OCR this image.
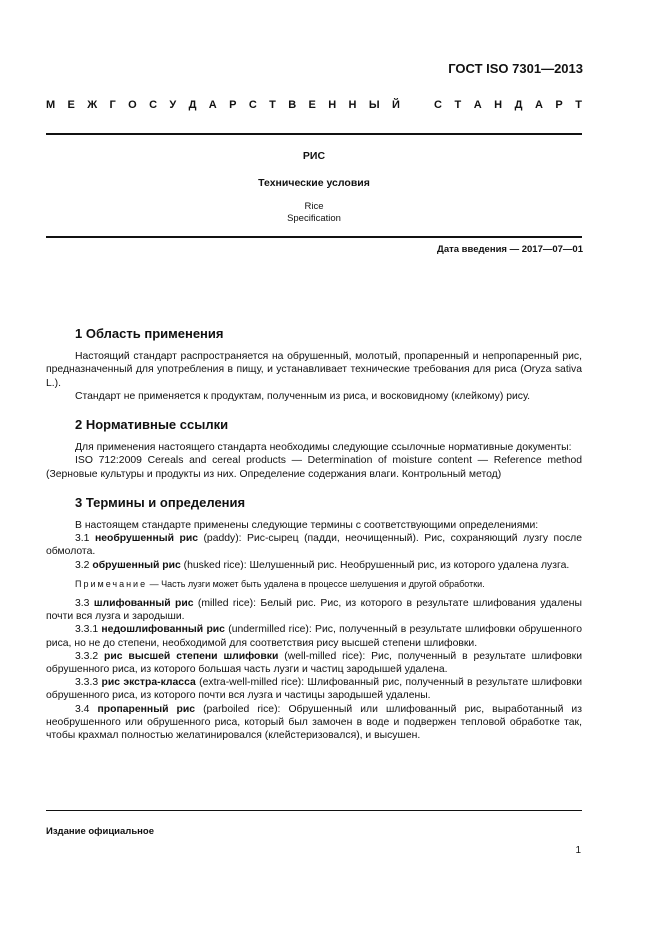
ГОСТ ISO 7301—2013
М Е Ж Г О С У Д А Р С Т В Е Н Н Ы Й	С Т А Н Д А Р Т
РИС
Технические условия
Rice
Specification
Дата введения — 2017—07—01
1 Область применения

Настоящий стандарт распространяется на обрушенный, молотый, пропаренный и непропаренный рис, предназначенный для употребления в пищу, и устанавливает технические требования для риса (Oryza sativa L.).

Стандарт не применяется к продуктам, полученным из риса, и восковидному (клейкому) рису.

2 Нормативные ссылки

Для применения настоящего стандарта необходимы следующие ссылочные нормативные документы:

ISO 712:2009 Cereals and cereal products — Determination of moisture content — Reference method (Зерновые культуры и продукты из них. Определение содержания влаги. Контрольный метод)

3 Термины и определения

В настоящем стандарте применены следующие термины с соответствующими определениями:

3.1 необрушенный рис (paddy): Рис-сырец (падди, неочищенный). Рис, сохраняющий лузгу после обмолота.

3.2 обрушенный рис (husked rice): Шелушенный рис. Необрушенный рис, из которого удалена лузга.

Примечание — Часть лузги может быть удалена в процессе шелушения и другой обработки.

3.3 шлифованный рис (milled rice): Белый рис. Рис, из которого в результате шлифования удалены почти вся лузга и зародыши.

3.3.1 недошлифованный рис (undermilled rice): Рис, полученный в результате шлифовки обрушенного риса, но не до степени, необходимой для соответствия рису высшей степени шлифовки.

3.3.2 рис высшей степени шлифовки (well-milled rice): Рис, полученный в результате шлифовки обрушенного риса, из которого большая часть лузги и частиц зародышей удалена.

3.3.3 рис экстра-класса (extra-well-milled rice): Шлифованный рис, полученный в результате шлифовки обрушенного риса, из которого почти вся лузга и частицы зародышей удалены.

3.4 пропаренный рис (parboiled rice): Обрушенный или шлифованный рис, выработанный из необрушенного или обрушенного риса, который был замочен в воде и подвержен тепловой обработке так, чтобы крахмал полностью желатинировался (клейстеризовался), и высушен.

Издание официальное
1
